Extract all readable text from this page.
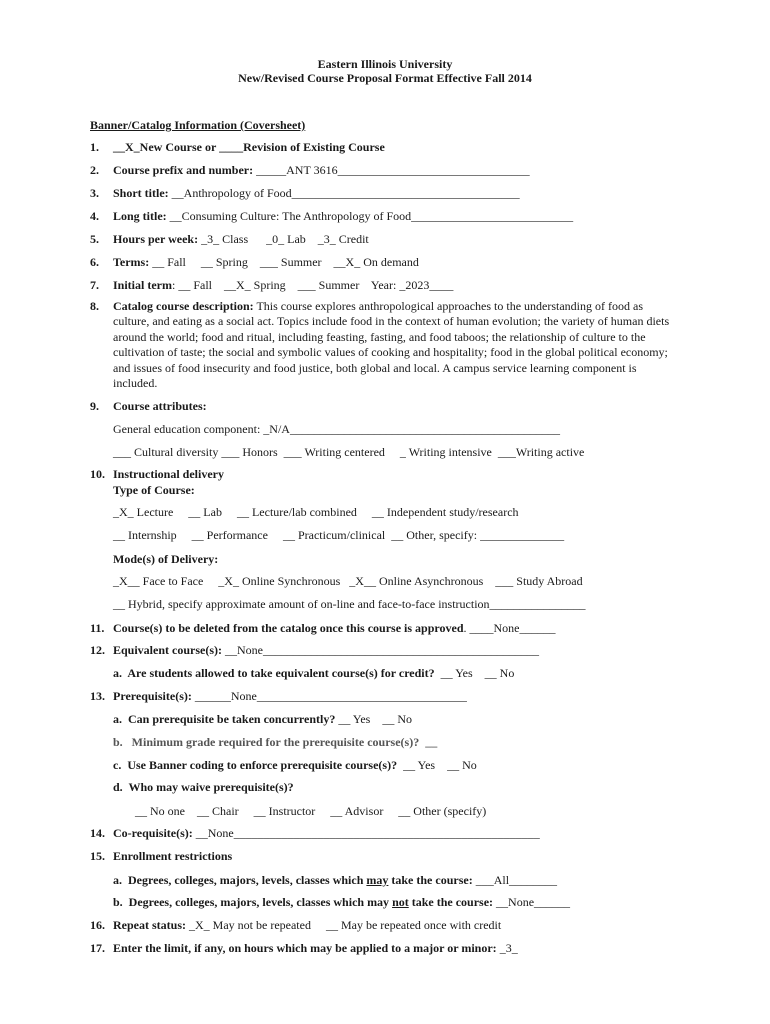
Eastern Illinois University
New/Revised Course Proposal Format Effective Fall 2014
Banner/Catalog Information (Coversheet)
1. __X_New Course or ____Revision of Existing Course
2. Course prefix and number: _____ANT 3616________________________________
3. Short title: __Anthropology of Food______________________________________
4. Long title: __Consuming Culture: The Anthropology of Food___________________________
5. Hours per week: _3_ Class      _0_ Lab    _3_ Credit
6. Terms: __ Fall     __ Spring    ___ Summer    __X_ On demand
7. Initial term: __ Fall    __X_ Spring    ___ Summer    Year: _2023____
8. Catalog course description: This course explores anthropological approaches to the understanding of food as culture, and eating as a social act. Topics include food in the context of human evolution; the variety of human diets around the world; food and ritual, including feasting, fasting, and food taboos; the relationship of culture to the cultivation of taste; the social and symbolic values of cooking and hospitality; food in the global political economy; and issues of food insecurity and food justice, both global and local. A campus service learning component is included.
9. Course attributes:
General education component: _N/A_____________________________________________
___ Cultural diversity ___ Honors  ___ Writing centered     _ Writing intensive  ___Writing active
10. Instructional delivery
Type of Course:
_X_ Lecture     __ Lab     __ Lecture/lab combined     __ Independent study/research
__ Internship     __ Performance     __ Practicum/clinical  __ Other, specify: ______________
Mode(s) of Delivery:
_X__ Face to Face     _X_ Online Synchronous   _X__ Online Asynchronous    ___ Study Abroad
__ Hybrid, specify approximate amount of on-line and face-to-face instruction________________
11. Course(s) to be deleted from the catalog once this course is approved. ____None______
12. Equivalent course(s): __None______________________________________________
a.  Are students allowed to take equivalent course(s) for credit?  __ Yes    __ No
13. Prerequisite(s): ______None___________________________________
a.  Can prerequisite be taken concurrently? __ Yes    __ No
b.   Minimum grade required for the prerequisite course(s)?  __
c.  Use Banner coding to enforce prerequisite course(s)?  __ Yes    __ No
d.  Who may waive prerequisite(s)?
__ No one    __ Chair     __ Instructor     __ Advisor     __ Other (specify)
14. Co-requisite(s): __None___________________________________________________
15. Enrollment restrictions
a.  Degrees, colleges, majors, levels, classes which may take the course: ___All________
b.  Degrees, colleges, majors, levels, classes which may not take the course: __None______
16. Repeat status: _X_ May not be repeated     __ May be repeated once with credit
17. Enter the limit, if any, on hours which may be applied to a major or minor: _3_
